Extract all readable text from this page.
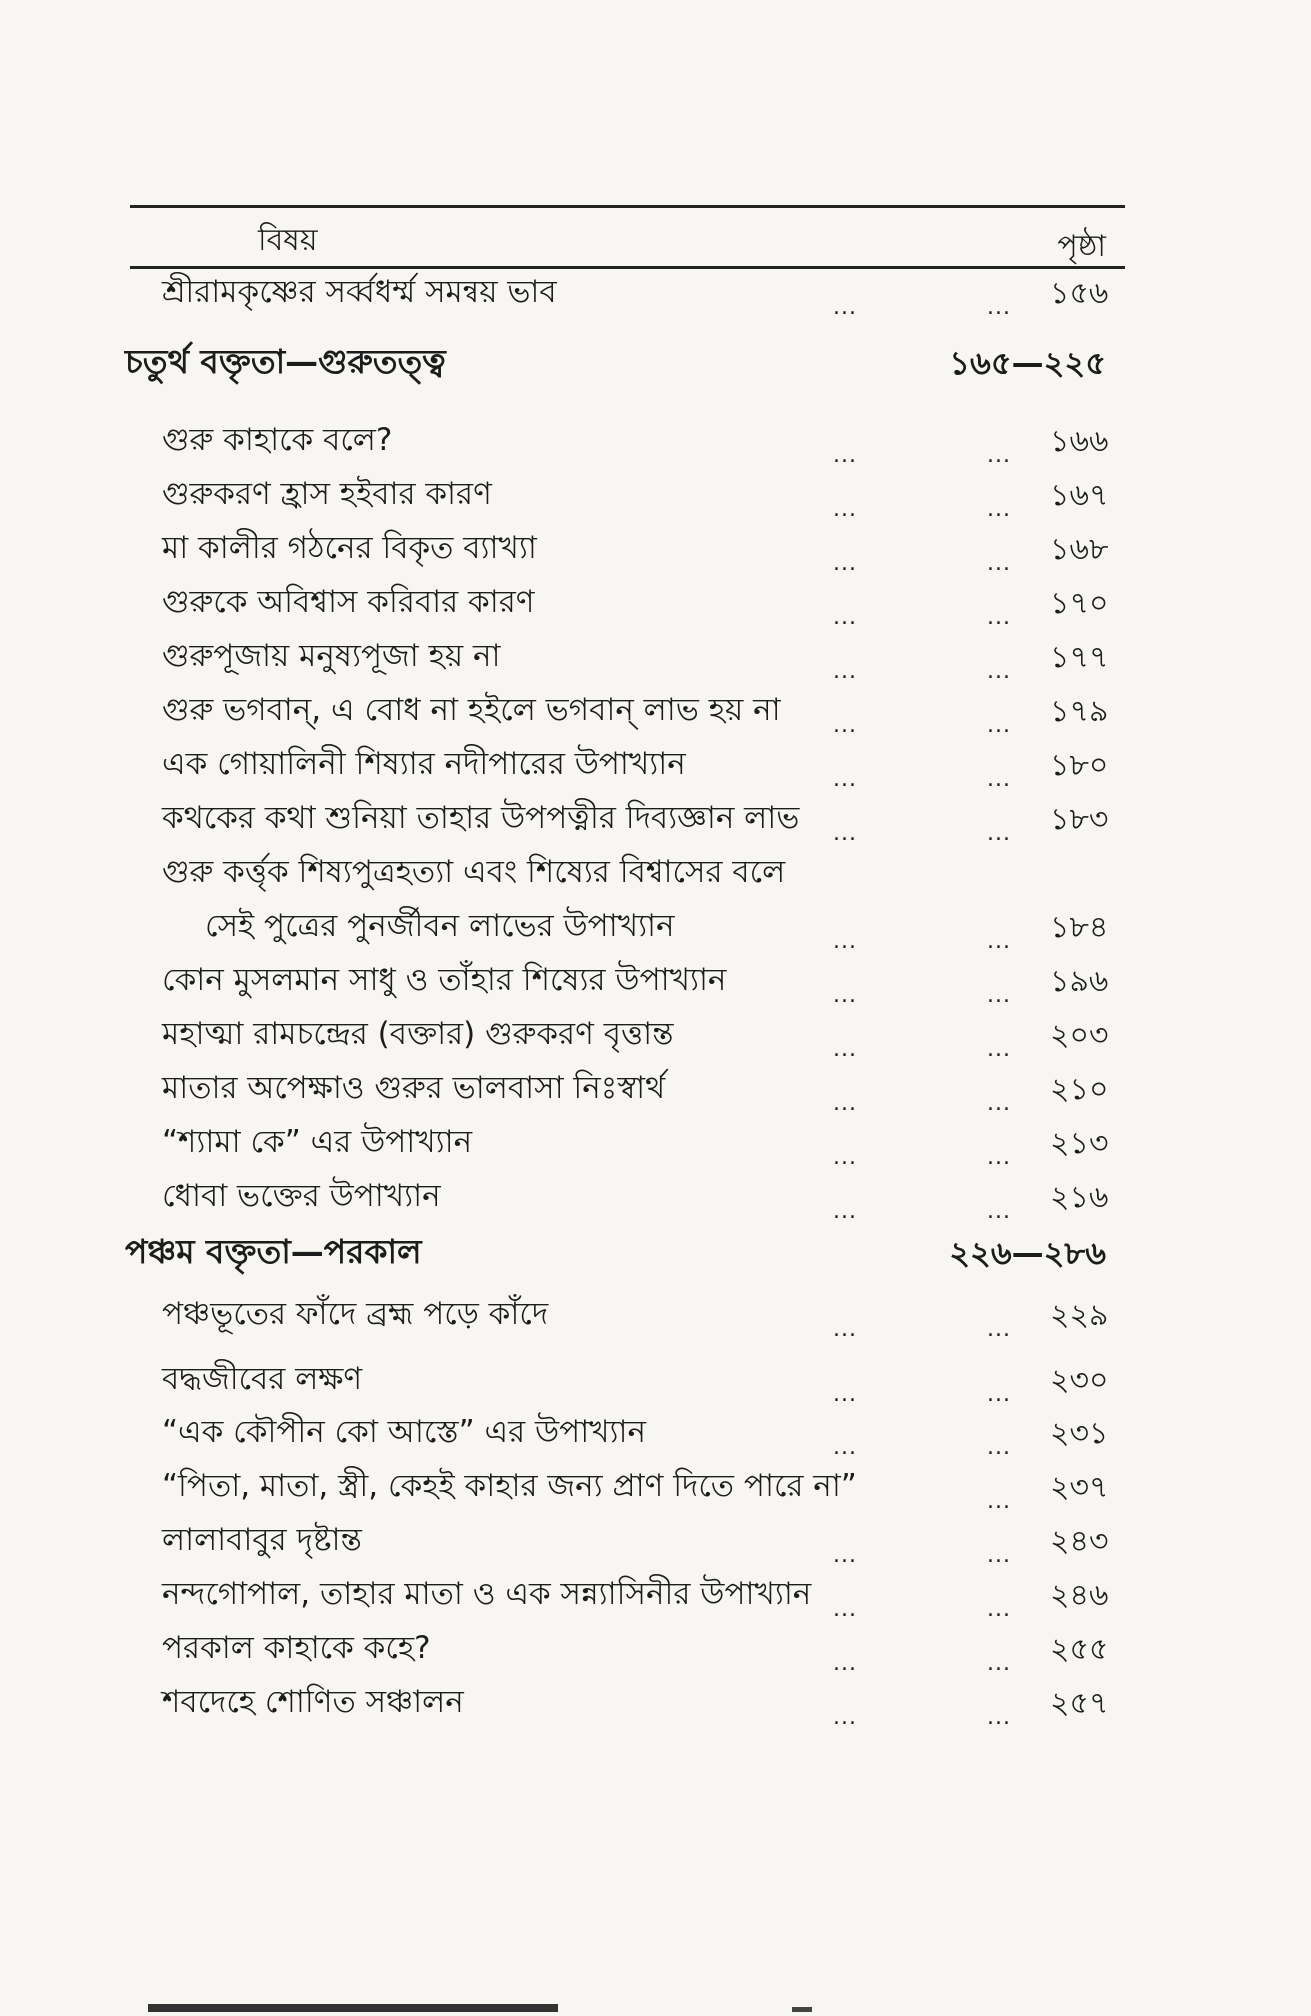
বিষয়	পৃষ্ঠা
শ্রীরামকৃষ্ণের সর্ব্বধর্ম্ম সমন্বয় ভাব	...	... ১৫৬
চতুর্থ বক্তৃতা—গুরুতত্ত্ব	১৬৫—২২৫
গুরু কাহাকে বলে?	...	... ১৬৬
গুরুকরণ হ্রাস হইবার কারণ	...	... ১৬৭
মা কালীর গঠনের বিকৃত ব্যাখ্যা	...	... ১৬৮
গুরুকে অবিশ্বাস করিবার কারণ	...	... ১৭০
গুরুপূজায় মনুষ্যপূজা হয় না	...	... ১৭৭
গুরু ভগবান্, এ বোধ না হইলে ভগবান্ লাভ হয় না ...	... ১৭৯
এক গোয়ালিনী শিষ্যার নদীপারের উপাখ্যান	...	... ১৮০
কথকের কথা শুনিয়া তাহার উপপত্নীর দিব্যজ্ঞান লাভ ...	... ১৮৩
গুরু কর্ত্তৃক শিষ্যপুত্রহত্যা এবং শিষ্যের বিশ্বাসের বলে
সেই পুত্রের পুনর্জীবন লাভের উপাখ্যান	...	... ১৮৪
কোন মুসলমান সাধু ও তাঁহার শিষ্যের উপাখ্যান	...	... ১৯৬
মহাত্মা রামচন্দ্রের (বক্তার) গুরুকরণ বৃত্তান্ত	...	... ২০৩
মাতার অপেক্ষাও গুরুর ভালবাসা নিঃস্বার্থ	...	... ২১০
“শ্যামা কে” এর উপাখ্যান	...	... ২১৩
ধোবা ভক্তের উপাখ্যান	...	... ২১৬
পঞ্চম বক্তৃতা—পরকাল	২২৬—২৮৬
পঞ্চভূতের ফাঁদে ব্রহ্ম পড়ে কাঁদে	...	... ২২৯
বদ্ধজীবের লক্ষণ	...	... ২৩০
“এক কৌপীন কো আস্তে” এর উপাখ্যান	...	... ২৩১
“পিতা, মাতা, স্ত্রী, কেহই কাহার জন্য প্রাণ দিতে পারে না”	... ২৩৭
লালাবাবুর দৃষ্টান্ত	...	... ২৪৩
নন্দগোপাল, তাহার মাতা ও এক সন্ন্যাসিনীর উপাখ্যান ...	... ২৪৬
পরকাল কাহাকে কহে?	...	... ২৫৫
শবদেহে শোণিত সঞ্চালন	...	... ২৫৭
